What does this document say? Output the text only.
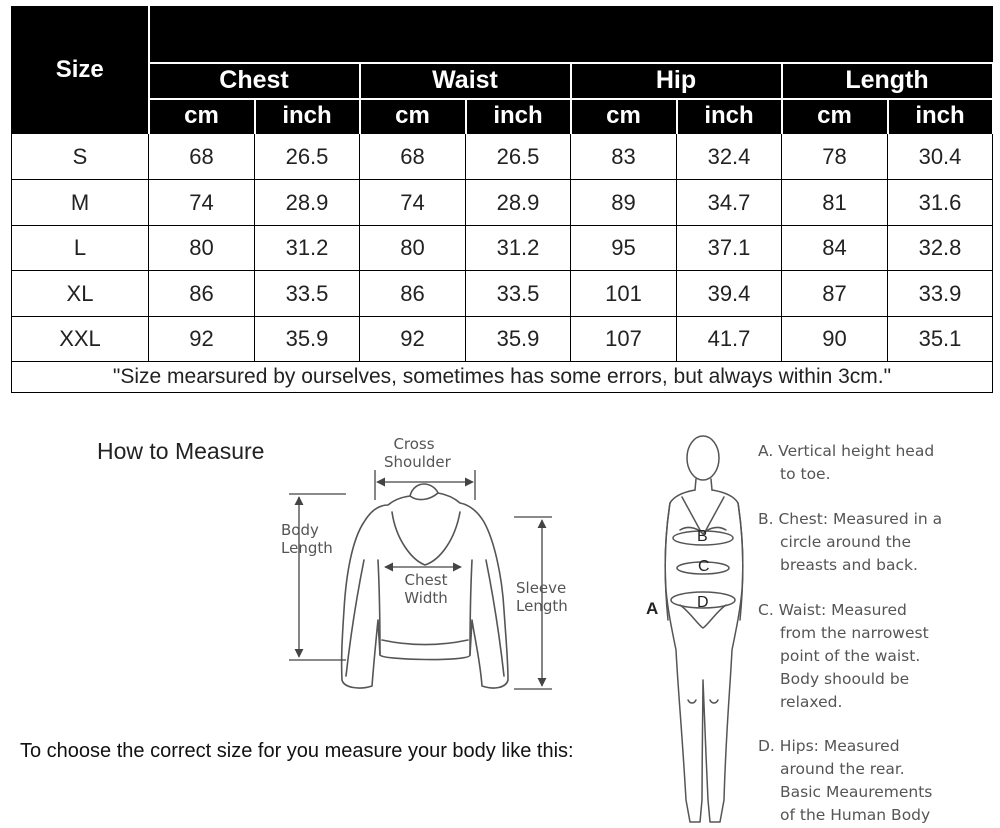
Size								
	Chest		Waist		Hip		Length	
	cm	inch	cm	inch	cm	inch	cm	inch
S	68	26.5	68	26.5	83	32.4	78	30.4
M	74	28.9	74	28.9	89	34.7	81	31.6
L	80	31.2	80	31.2	95	37.1	84	32.8
XL	86	33.5	86	33.5	101	39.4	87	33.9
XXL	92	35.9	92	35.9	107	41.7	90	35.1
"Size mearsured by ourselves, sometimes has some errors, but always within 3cm."								

How to Measure

To choose the correct size for you measure your body like this:

Cross
Shoulder
Body
Length
Chest
Width
Sleeve
Length	A
B
C
D

A. Vertical height head
to toe.

B. Chest: Measured in a
circle around the
breasts and back.

C. Waist: Measured
from the narrowest
point of the waist.
Body shoould be
relaxed.

D. Hips: Measured
around the rear.
Basic Meaurements
of the Human Body
